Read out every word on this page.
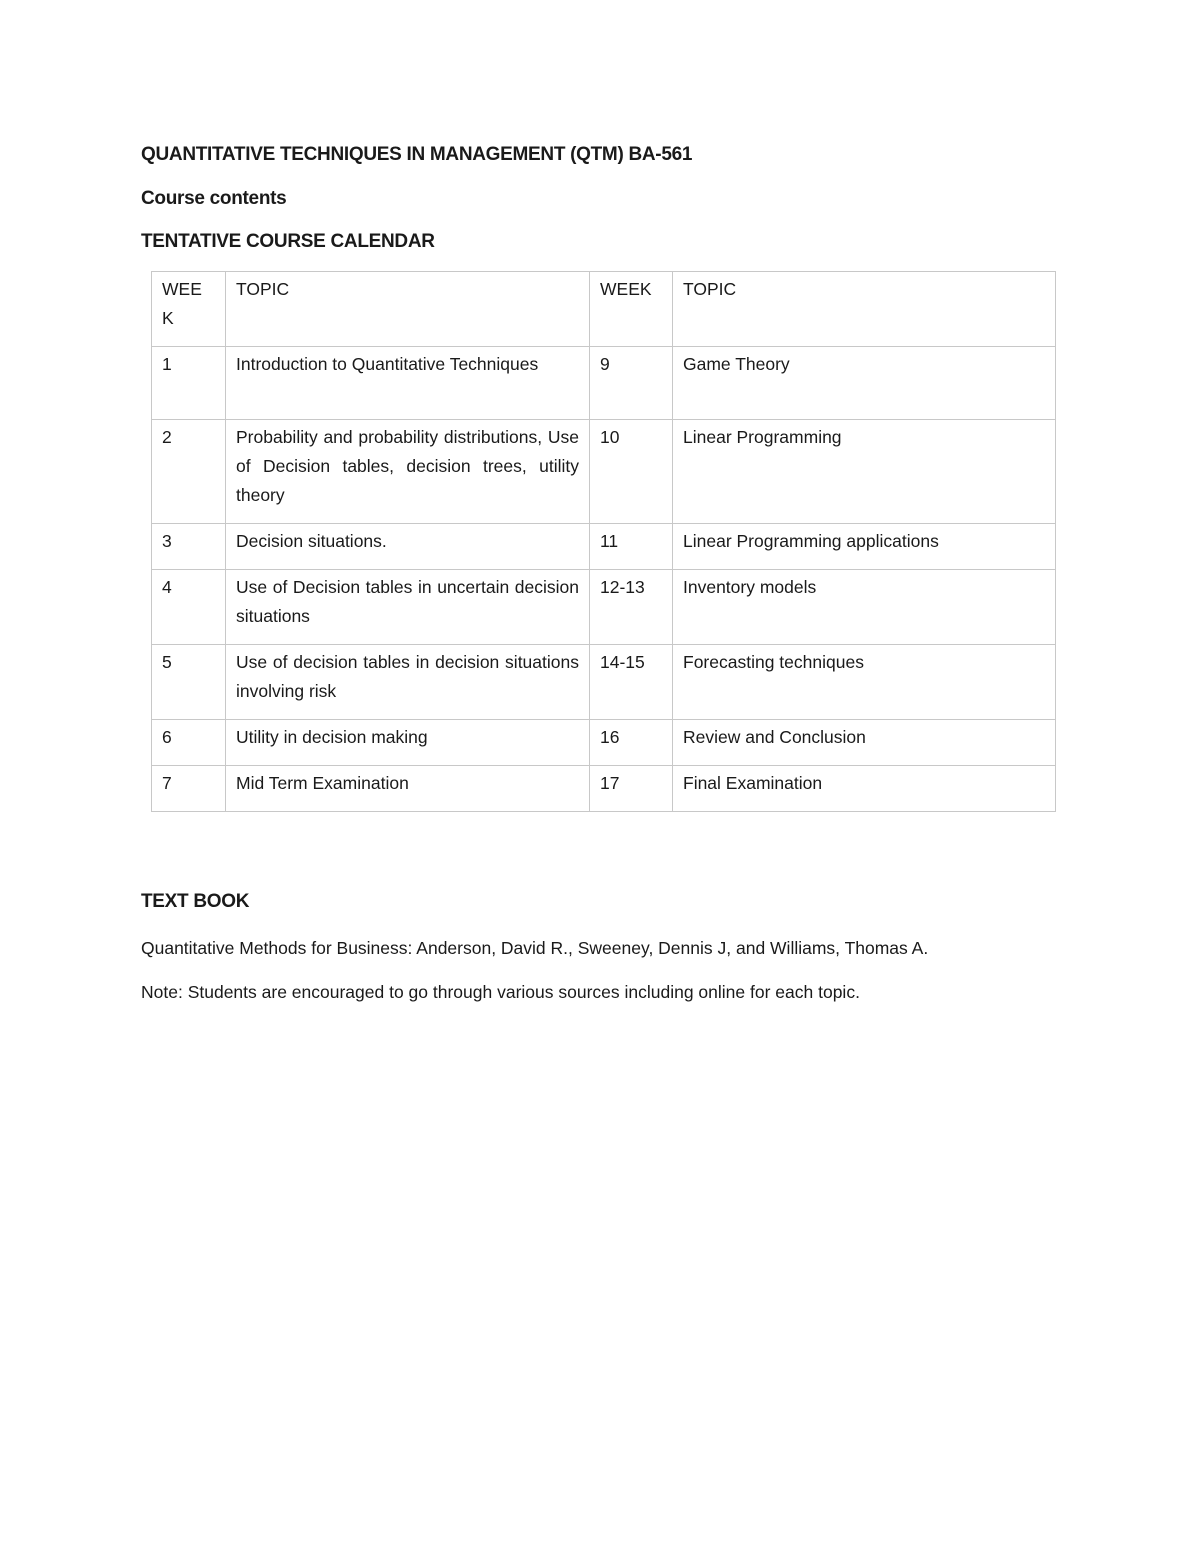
QUANTITATIVE TECHNIQUES IN MANAGEMENT (QTM) BA-561
Course contents
TENTATIVE COURSE CALENDAR
WEE K	TOPIC	WEEK	TOPIC
1	Introduction to Quantitative Techniques	9	Game Theory
2	Probability and probability distributions, Use of Decision tables, decision trees, utility theory	10	Linear Programming
3	Decision situations.	11	Linear Programming applications
4	Use of Decision tables in uncertain decision situations	12-13	Inventory models
5	Use of decision tables in decision situations involving risk	14-15	Forecasting techniques
6	Utility in decision making	16	Review and Conclusion
7	Mid Term Examination	17	Final Examination
TEXT BOOK

Quantitative Methods for Business: Anderson, David R., Sweeney, Dennis J, and Williams, Thomas A.

Note: Students are encouraged to go through various sources including online for each topic.
